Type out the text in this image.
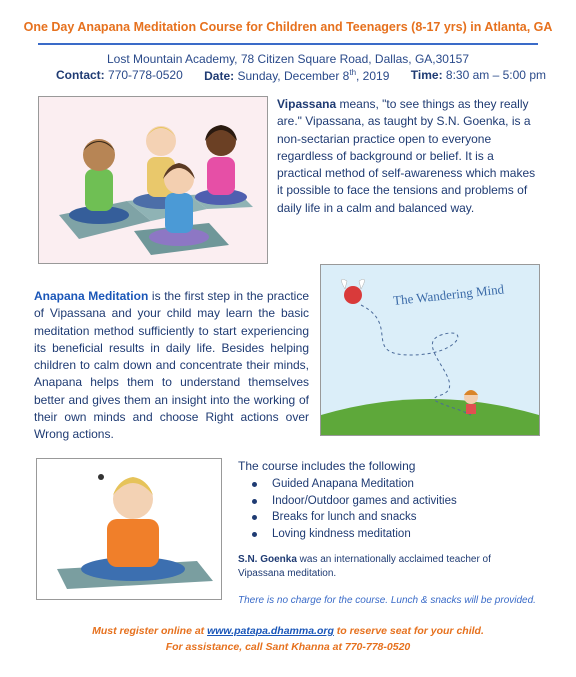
One Day Anapana Meditation Course for Children and Teenagers (8-17 yrs) in Atlanta, GA
Lost Mountain Academy, 78 Citizen Square Road, Dallas, GA,30157
Contact: 770-778-0520 Date: Sunday, December 8th, 2019 Time: 8:30 am – 5:00 pm
Vipassana means, "to see things as they really are." Vipassana, as taught by S.N. Goenka, is a non-sectarian practice open to everyone regardless of background or belief. It is a practical method of self-awareness which makes it possible to face the tensions and problems of daily life in a calm and balanced way.
Anapana Meditation is the first step in the practice of Vipassana and your child may learn the basic meditation method sufficiently to start experiencing its beneficial results in daily life. Besides helping children to calm down and concentrate their minds, Anapana helps them to understand themselves better and gives them an insight into the working of their own minds and choose Right actions over Wrong actions.
The Wandering Mind
The course includes the following
Guided Anapana Meditation
Indoor/Outdoor games and activities
Breaks for lunch and snacks
Loving kindness meditation
S.N. Goenka was an internationally acclaimed teacher of Vipassana meditation.
There is no charge for the course. Lunch & snacks will be provided.
Must register online at www.patapa.dhamma.org to reserve seat for your child.
For assistance, call Sant Khanna at 770-778-0520
